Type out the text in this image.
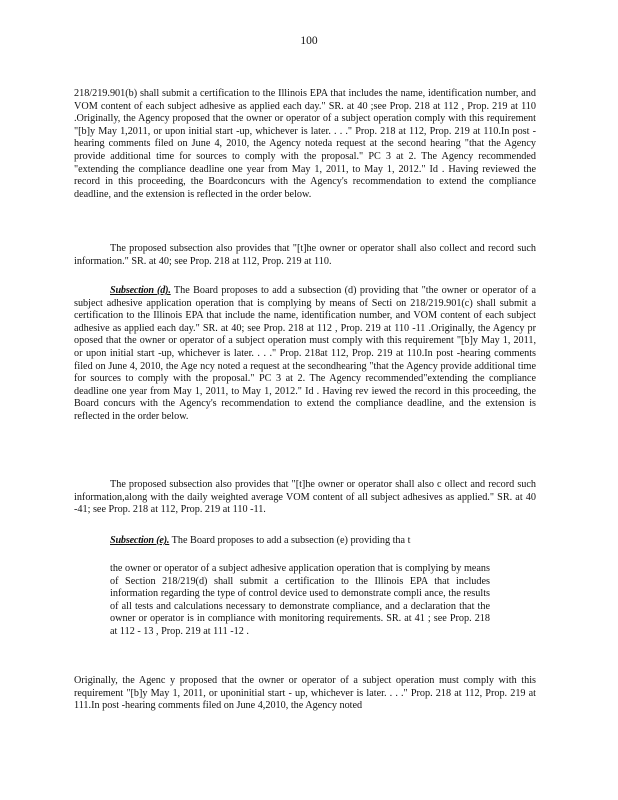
100

218/219.901(b) shall submit a certification to the Illinois EPA that includes the name, identification number, and VOM content of each subject adhesive as applied each day." SR. at 40 ;see Prop. 218 at 112 , Prop. 219 at 110 .Originally, the Agency proposed that the owner or operator of a subject operation comply with this requirement "[b]y May 1,2011, or upon initial start -up, whichever is later. . . ." Prop. 218 at 112, Prop. 219 at 110.In post -hearing comments filed on June 4, 2010, the Agency noteda request at the second hearing "that the Agency provide additional time for sources to comply with the proposal." PC 3 at 2. The Agency recommended "extending the compliance deadline one year from May 1, 2011, to May 1, 2012." Id . Having reviewed the record in this proceeding, the Boardconcurs with the Agency's recommendation to extend the compliance deadline, and the extension is reflected in the order below.

The proposed subsection also provides that "[t]he owner or operator shall also collect and record such information." SR. at 40; see Prop. 218 at 112, Prop. 219 at 110.

Subsection (d). The Board proposes to add a subsection (d) providing that "the owner or operator of a subject adhesive application operation that is complying by means of Secti on 218/219.901(c) shall submit a certification to the Illinois EPA that include the name, identification number, and VOM content of each subject adhesive as applied each day." SR. at 40; see Prop. 218 at 112 , Prop. 219 at 110 -11 .Originally, the Agency pr oposed that the owner or operator of a subject operation must comply with this requirement "[b]y May 1, 2011, or upon initial start -up, whichever is later. . . ." Prop. 218at 112, Prop. 219 at 110.In post -hearing comments filed on June 4, 2010, the Age ncy noted a request at the secondhearing "that the Agency provide additional time for sources to comply with the proposal." PC 3 at 2. The Agency recommended"extending the compliance deadline one year from May 1, 2011, to May 1, 2012." Id . Having rev iewed the record in this proceeding, the Board concurs with the Agency's recommendation to extend the compliance deadline, and the extension is reflected in the order below.

The proposed subsection also provides that "[t]he owner or operator shall also c ollect and record such information,along with the daily weighted average VOM content of all subject adhesives as applied." SR. at 40 -41; see Prop. 218 at 112, Prop. 219 at 110 -11.

Subsection (e). The Board proposes to add a subsection (e) providing tha t

the owner or operator of a subject adhesive application operation that is complying by means of Section 218/219(d) shall submit a certification to the Illinois EPA that includes information regarding the type of control device used to demonstrate compli ance, the results of all tests and calculations necessary to demonstrate compliance, and a declaration that the owner or operator is in compliance with monitoring requirements. SR. at 41 ; see Prop. 218 at 112 - 13 , Prop. 219 at 111 -12 .

Originally, the Agenc y proposed that the owner or operator of a subject operation must comply with this requirement "[b]y May 1, 2011, or uponinitial start - up, whichever is later. . . ." Prop. 218 at 112, Prop. 219 at 111.In post -hearing comments filed on June 4,2010, the Agency noted
